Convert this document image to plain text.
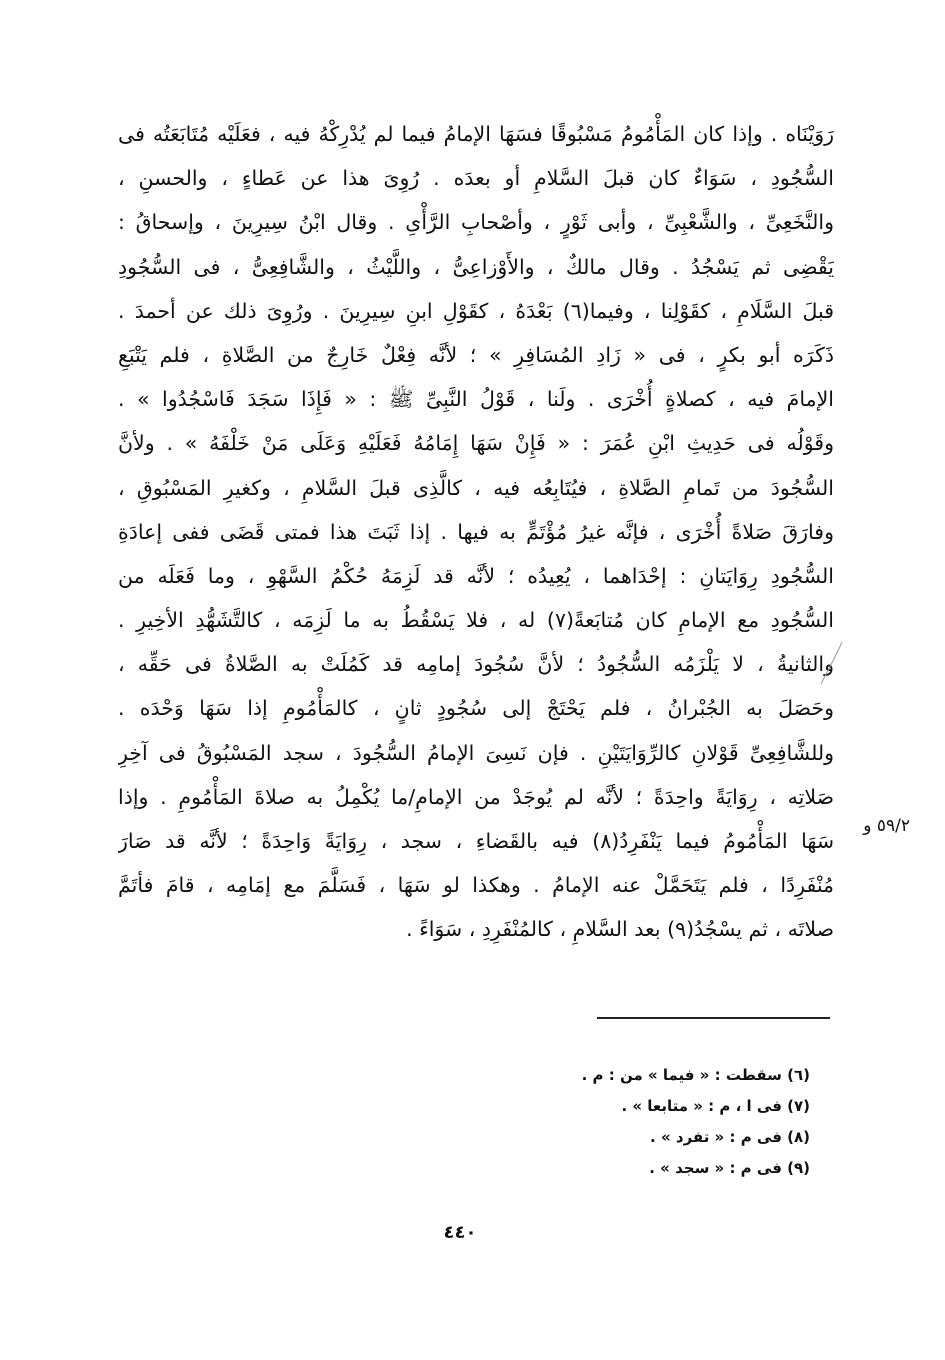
رَوَيْنَاه . وإذا كان المَأْمُومُ مَسْبُوقًا فسَهَا الإمامُ فيما لم يُدْرِكْهُ فيه ، فعَلَيْه مُتَابَعَتُه فى
السُّجُودِ ، سَوَاءٌ كان قبلَ السَّلامِ أو بعدَه . رُوِىَ هذا عن عَطاءٍ ، والحسنِ ،
والنَّخَعِىِّ ، والشَّعْبِىِّ ، وأبى ثَوْرٍ ، وأصْحابِ الرَّأْىِ . وقال ابْنُ سِيرِينَ ، وإسحاقُ :
يَقْضِى ثم يَسْجُدُ . وقال مالكٌ ، والأَوْزاعِىُّ ، واللَّيْثُ ، والشَّافِعِىُّ ، فى السُّجُودِ
قبلَ السَّلَامِ ، كقَوْلِنا ، وفيما(٦) بَعْدَهُ ، كقَوْلِ ابنِ سِيرِينَ . ورُوِىَ ذلك عن أحمدَ .
ذَكَرَه أبو بكرٍ ، فى « زَادِ المُسَافِرِ » ؛ لأنَّه فِعْلٌ خَارِجٌ من الصَّلاةِ ، فلم يَتْبَعِ
الإمامَ فيه ، كصلاةٍ أُخْرَى . ولَنا ، قَوْلُ النَّبِىِّ ﷺ : « فَإِذَا سَجَدَ فَاسْجُدُوا » .
وقَوْلُه فى حَدِيثِ ابْنِ عُمَرَ : « فَإِنْ سَهَا إِمَامُهُ فَعَلَيْهِ وَعَلَى مَنْ خَلْفَهُ » . ولأنَّ
السُّجُودَ من تَمامِ الصَّلاةِ ، فيُتَابِعُه فيه ، كالَّذِى قبلَ السَّلامِ ، وكغيرِ المَسْبُوقِ ،
وفارَقَ صَلاةً أُخْرَى ، فإنَّه غيرُ مُؤْتَمٍّ به فيها . إذا ثَبَتَ هذا فمتى قَضَى ففى إعادَةِ
السُّجُودِ رِوَايَتانِ : إحْدَاهما ، يُعِيدُه ؛ لأنَّه قد لَزِمَهُ حُكْمُ السَّهْوِ ، وما فَعَلَه من
السُّجُودِ مع الإمامِ كان مُتابَعةً(٧) له ، فلا يَسْقُطُ به ما لَزِمَه ، كالتَّشَهُّدِ الأخِيرِ .
والثانيةُ ، لا يَلْزَمُه السُّجُودُ ؛ لأنَّ سُجُودَ إمامِه قد كَمُلَتْ به الصَّلاةُ فى حَقِّه ،
وحَصَلَ به الجُبْرانُ ، فلم يَحْتَجْ إلى سُجُودٍ ثانٍ ، كالمَأْمُومِ إذا سَهَا وَحْدَه .
وللشَّافِعِىِّ قَوْلانِ كالرِّوَايَتَيْنِ . فإن نَسِىَ الإمامُ السُّجُودَ ، سجد المَسْبُوقُ فى آخِرِ
صَلاتِه ، رِوَايَةً واحِدَةً ؛ لأنَّه لم يُوجَدْ من الإمامِ/ما يُكْمِلُ به صلاةَ المَأْمُومِ . وإذا
سَهَا المَأْمُومُ فيما يَنْفَرِدُ(٨) فيه بالقَضاءِ ، سجد ، رِوَايَةً وَاحِدَةً ؛ لأنَّه قد صَارَ
مُنْفَرِدًا ، فلم يَتَحَمَّلْ عنه الإمامُ . وهكذا لو سَهَا ، فَسَلَّمَ مع إمَامِه ، قامَ فأتَمَّ
صلاتَه ، ثم يسْجُدُ(٩) بعد السَّلامِ ، كالمُنْفَرِدِ ، سَوَاءً .
٥٩/٢ و
(٦) سقطت : « فيما » من : م .
(٧) فى ا ، م : « متابعا » .
(٨) فى م : « تفرد » .
(٩) فى م : « سجد » .
٤٤٠
